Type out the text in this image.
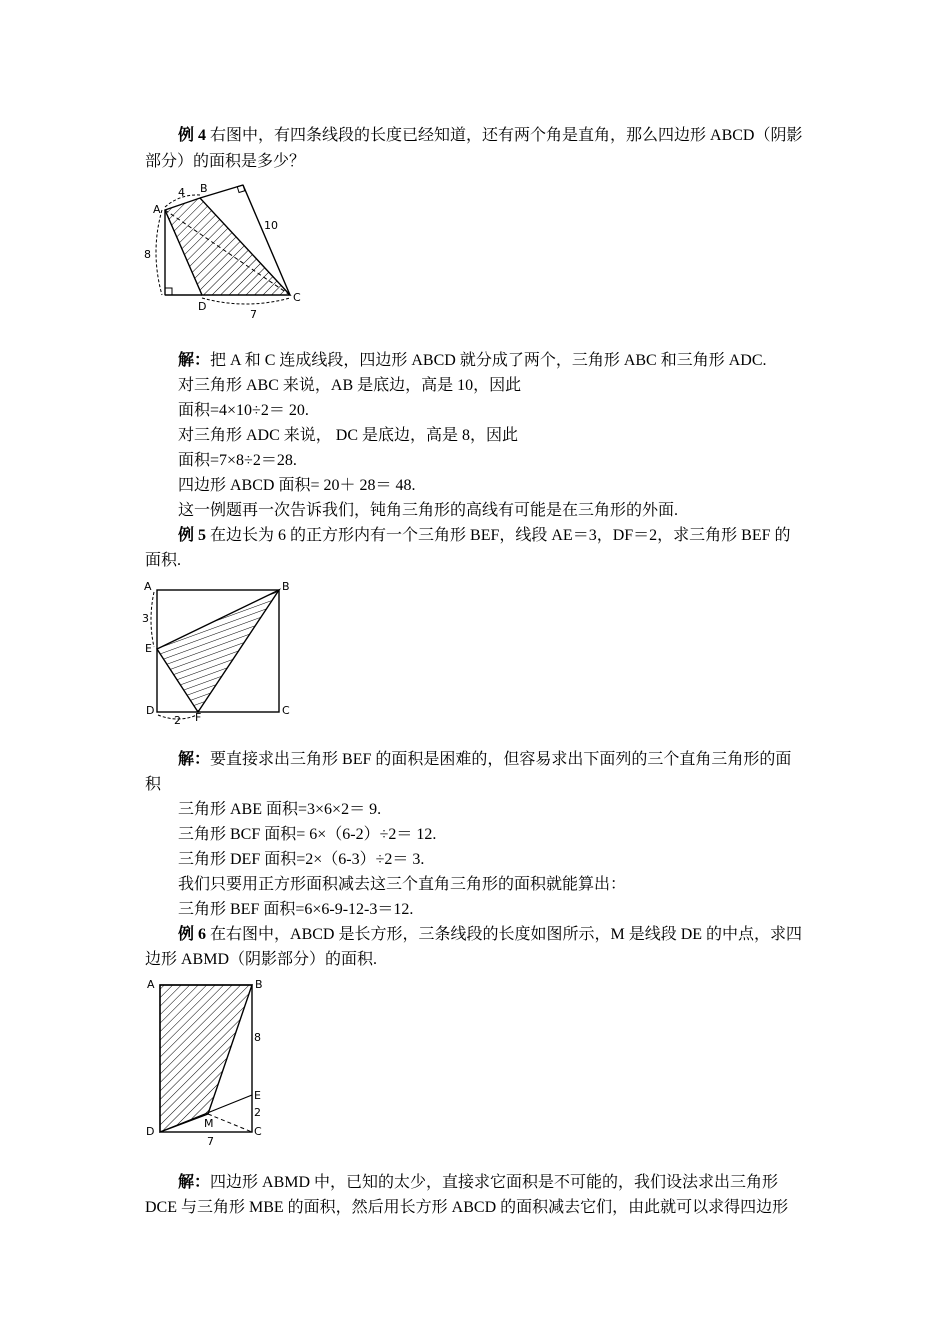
例 4 右图中，有四条线段的长度已经知道，还有两个角是直角，那么四边形 ABCD（阴影
部分）的面积是多少？
A
B
C
D
4
10
8
7
解：把 A 和 C 连成线段，四边形 ABCD 就分成了两个，三角形 ABC 和三角形 ADC.
对三角形 ABC 来说，AB 是底边，高是 10，因此
面积=4×10÷2＝ 20.
对三角形 ADC 来说， DC 是底边，高是 8，因此
面积=7×8÷2＝28.
四边形 ABCD 面积= 20＋ 28＝ 48.
这一例题再一次告诉我们，钝角三角形的高线有可能是在三角形的外面.
例 5 在边长为 6 的正方形内有一个三角形 BEF，线段 AE＝3，DF＝2，求三角形 BEF 的
面积.
A	B
C
D
E
F
3
2
解：要直接求出三角形 BEF 的面积是困难的，但容易求出下面列的三个直角三角形的面
积
三角形 ABE 面积=3×6×2＝ 9.
三角形 BCF 面积= 6×（6-2）÷2＝ 12.
三角形 DEF 面积=2×（6-3）÷2＝ 3.
我们只要用正方形面积减去这三个直角三角形的面积就能算出：
三角形 BEF 面积=6×6-9-12-3＝12.
例 6 在右图中，ABCD 是长方形，三条线段的长度如图所示，M 是线段 DE 的中点，求四
边形 ABMD（阴影部分）的面积.
A	B
C
D
E
M
8
2
7
解：四边形 ABMD 中，已知的太少，直接求它面积是不可能的，我们设法求出三角形
DCE 与三角形 MBE 的面积，然后用长方形 ABCD 的面积减去它们，由此就可以求得四边形
